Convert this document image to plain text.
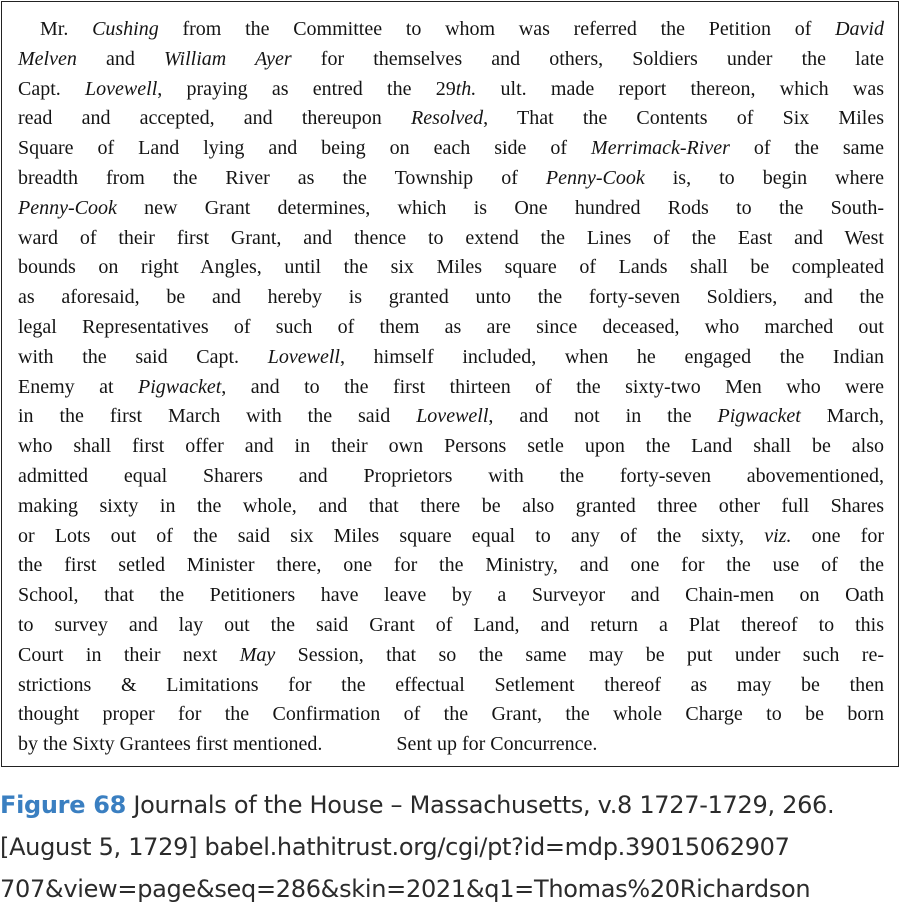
Mr. Cushing from the Committee to whom was referred the Petition of David
Melven and William Ayer for themselves and others, Soldiers under the late
Capt. Lovewell, praying as entred the 29th. ult. made report thereon, which was
read and accepted, and thereupon Resolved, That the Contents of Six Miles
Square of Land lying and being on each side of Merrimack-River of the same
breadth from the River as the Township of Penny-Cook is, to begin where
Penny-Cook new Grant determines, which is One hundred Rods to the South-
ward of their first Grant, and thence to extend the Lines of the East and West
bounds on right Angles, until the six Miles square of Lands shall be compleated
as aforesaid, be and hereby is granted unto the forty-seven Soldiers, and the
legal Representatives of such of them as are since deceased, who marched out
with the said Capt. Lovewell, himself included, when he engaged the Indian
Enemy at Pigwacket, and to the first thirteen of the sixty-two Men who were
in the first March with the said Lovewell, and not in the Pigwacket March,
who shall first offer and in their own Persons setle upon the Land shall be also
admitted equal Sharers and Proprietors with the forty-seven abovementioned,
making sixty in the whole, and that there be also granted three other full Shares
or Lots out of the said six Miles square equal to any of the sixty, viz. one for
the first setled Minister there, one for the Ministry, and one for the use of the
School, that the Petitioners have leave by a Surveyor and Chain-men on Oath
to survey and lay out the said Grant of Land, and return a Plat thereof to this
Court in their next May Session, that so the same may be put under such re-
strictions & Limitations for the effectual Setlement thereof as may be then
thought proper for the Confirmation of the Grant, the whole Charge to be born
by the Sixty Grantees first mentioned.	Sent up for Concurrence.
Figure 68 Journals of the House – Massachusetts, v.8 1727-1729, 266.
[August 5, 1729] babel.hathitrust.org/cgi/pt?id=mdp.39015062907
707&view=page&seq=286&skin=2021&q1=Thomas%20Richardson
